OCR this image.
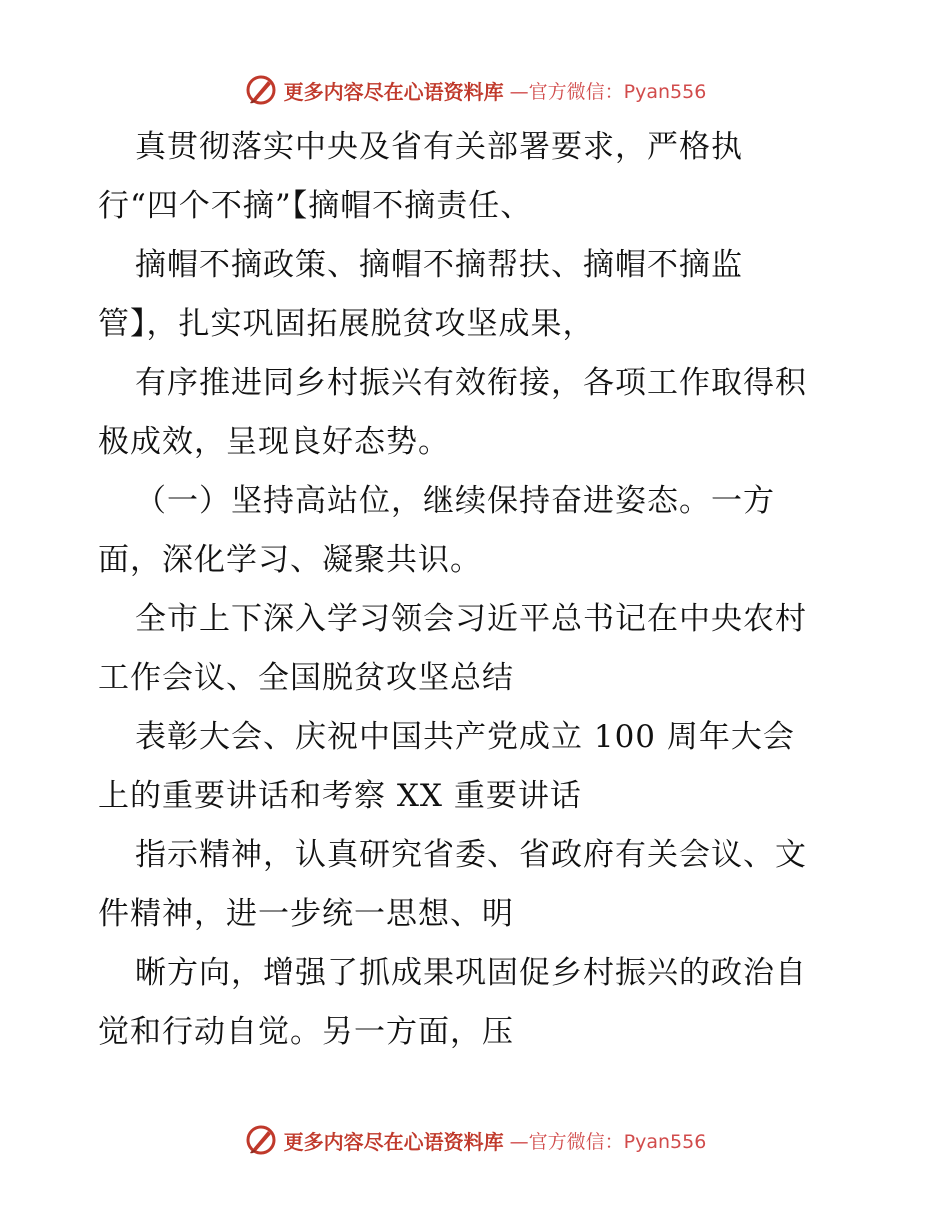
更多内容尽在心语资料库 —官方微信：Pyan556
真贯彻落实中央及省有关部署要求，严格执
行“四个不摘”【摘帽不摘责任、
摘帽不摘政策、摘帽不摘帮扶、摘帽不摘监
管】，扎实巩固拓展脱贫攻坚成果，
有序推进同乡村振兴有效衔接，各项工作取得积
极成效，呈现良好态势。
（一）坚持高站位，继续保持奋进姿态。一方
面，深化学习、凝聚共识。
全市上下深入学习领会习近平总书记在中央农村
工作会议、全国脱贫攻坚总结
表彰大会、庆祝中国共产党成立 100 周年大会
上的重要讲话和考察 XX 重要讲话
指示精神，认真研究省委、省政府有关会议、文
件精神，进一步统一思想、明
晰方向，增强了抓成果巩固促乡村振兴的政治自
觉和行动自觉。另一方面，压
更多内容尽在心语资料库 —官方微信：Pyan556
